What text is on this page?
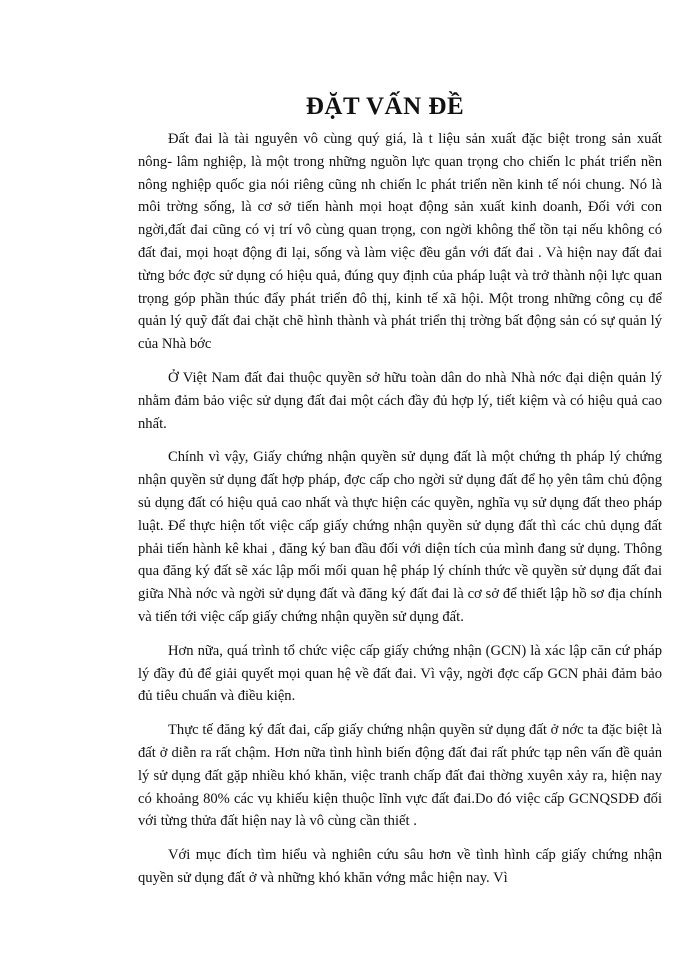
ĐẶT VẤN ĐỀ

Đất đai là tài nguyên vô cùng quý giá, là t liệu sản xuất đặc biệt trong sản xuất nông- lâm nghiệp, là một trong những nguồn lực quan trọng cho chiến lc phát triển nền nông nghiệp quốc gia nói riêng cũng nh chiến lc phát triển nền kinh tế nói chung. Nó là môi trờng sống, là cơ sở tiến hành mọi hoạt động sản xuất kinh doanh, Đối với con ngời,đất đai cũng có vị trí vô cùng quan trọng, con ngời không thể tồn tại nếu không có đất đai, mọi hoạt động đi lại, sống và làm việc đều gắn với đất đai . Và hiện nay đất đai từng bớc đợc sử dụng có hiệu quả, đúng quy định của pháp luật và trở thành nội lực quan trọng góp phần thúc đẩy phát triển đô thị, kinh tế xã hội. Một trong những công cụ để quản lý quỹ đất đai chặt chẽ hình thành và phát triển thị trờng bất động sản có sự quản lý của Nhà bớc

Ở Việt Nam đất đai thuộc quyền sở hữu toàn dân do nhà Nhà nớc đại diện quản lý nhằm đảm bảo việc sử dụng đất đai một cách đầy đủ hợp lý, tiết kiệm và có hiệu quả cao nhất.

Chính vì vậy, Giấy chứng nhận quyền sử dụng đất là một chứng th pháp lý chứng nhận quyền sử dụng đất hợp pháp, đợc cấp cho ngời sử dụng đất để họ yên tâm chủ động sủ dụng đất có hiệu quả cao nhất và thực hiện các quyền, nghĩa vụ sử dụng đất theo pháp luật. Để thực hiện tốt việc cấp giấy chứng nhận quyền sử dụng đất thì các chủ dụng đất phải tiến hành kê khai , đăng ký ban đầu đối với diện tích của mình đang sử dụng. Thông qua đăng ký đất sẽ xác lập mối mối quan hệ pháp lý chính thức về quyền sử dụng đất đai giữa Nhà nớc và ngời sử dụng đất và đăng ký đất đai là cơ sở để thiết lập hồ sơ địa chính và tiến tới việc cấp giấy chứng nhận quyền sử dụng đất.

Hơn nữa, quá trình tổ chức việc cấp giấy chứng nhận (GCN) là xác lập căn cứ pháp lý đầy đủ để giải quyết mọi quan hệ về đất đai. Vì vậy, ngời đợc cấp GCN phải đảm bảo đủ tiêu chuẩn và điều kiện.

Thực tế đăng ký đất đai, cấp giấy chứng nhận quyền sử dụng đất ở nớc ta đặc biệt là đất ở diễn ra rất chậm. Hơn nữa tình hình biến động đất đai rất phức tạp nên vấn đề quản lý sử dụng đất gặp nhiều khó khăn, việc tranh chấp đất đai thờng xuyên xảy ra, hiện nay có khoảng 80% các vụ khiếu kiện thuộc lĩnh vực đất đai.Do đó việc cấp GCNQSDĐ đối với từng thửa đất hiện nay là vô cùng cần thiết .

Với mục đích tìm hiểu và nghiên cứu sâu hơn về tình hình cấp giấy chứng nhận quyền sử dụng đất ở và những khó khăn vớng mắc hiện nay. Vì
